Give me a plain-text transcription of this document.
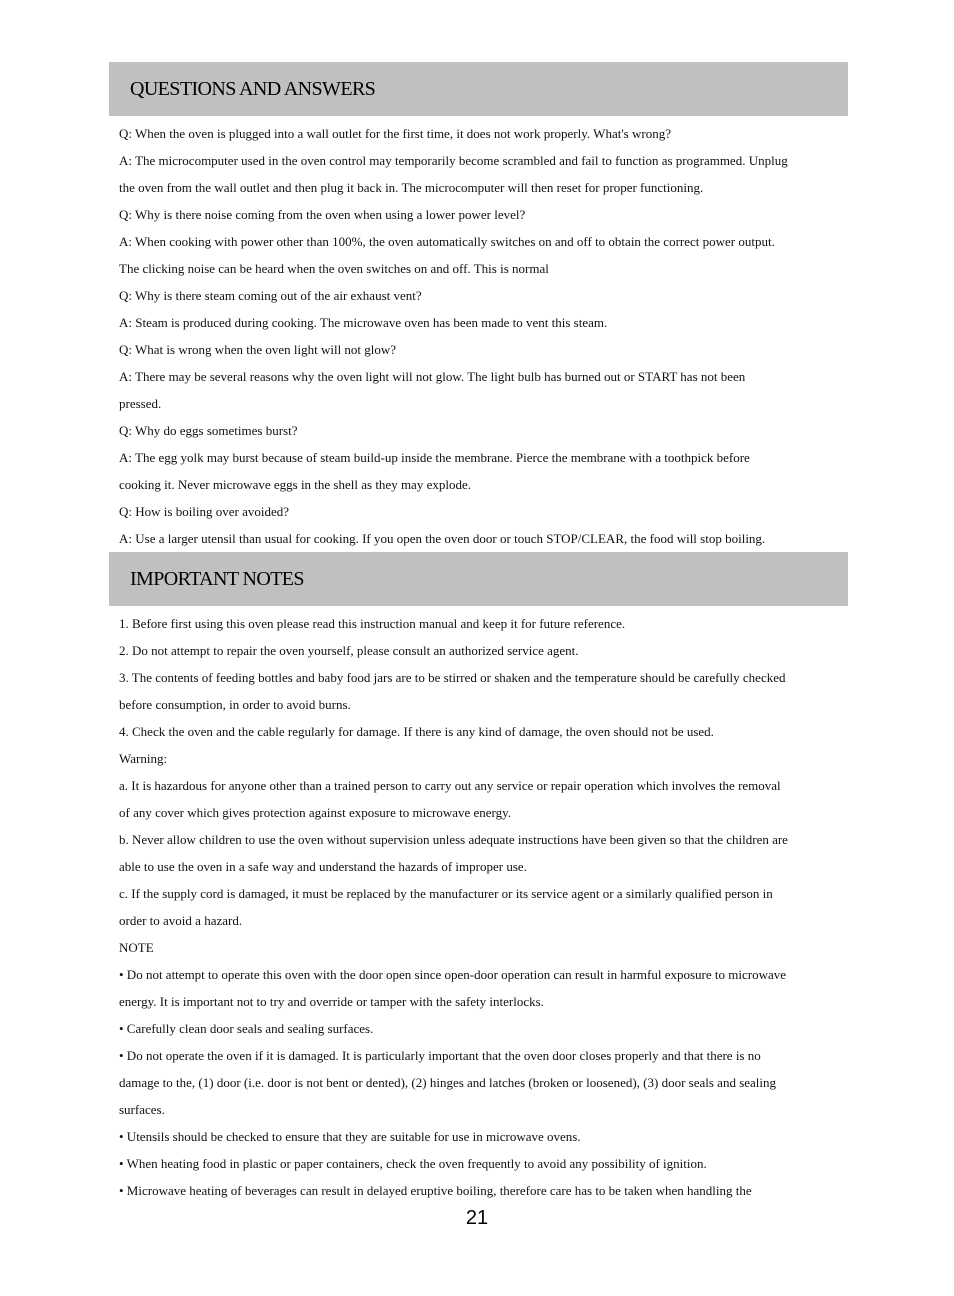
QUESTIONS AND ANSWERS

Q: When the oven is plugged into a wall outlet for the first time, it does not work properly. What's wrong?

A: The microcomputer used in the oven control may temporarily become scrambled and fail to function as programmed. Unplug

the oven from the wall outlet and then plug it back in. The microcomputer will then reset for proper functioning.

Q: Why is there noise coming from the oven when using a lower power level?

A: When cooking with power other than 100%, the oven automatically switches on and off to obtain the correct power output.

The clicking noise can be heard when the oven switches on and off. This is normal

Q: Why is there steam coming out of the air exhaust vent?

A: Steam is produced during cooking. The microwave oven has been made to vent this steam.

Q: What is wrong when the oven light will not glow?

A: There may be several reasons why the oven light will not glow. The light bulb has burned out or START has not been

pressed.

Q: Why do eggs sometimes burst?

A: The egg yolk may burst because of steam build-up inside the membrane. Pierce the membrane with a toothpick before

cooking it. Never microwave eggs in the shell as they may explode.

Q: How is boiling over avoided?

A: Use a larger utensil than usual for cooking. If you open the oven door or touch STOP/CLEAR, the food will stop boiling.

IMPORTANT NOTES

1. Before first using this oven please read this instruction manual and keep it for future reference.

2. Do not attempt to repair the oven yourself, please consult an authorized service agent.

3. The contents of feeding bottles and baby food jars are to be stirred or shaken and the temperature should be carefully checked

before consumption, in order to avoid burns.

4. Check the oven and the cable regularly for damage. If there is any kind of damage, the oven should not be used.

Warning:

a. It is hazardous for anyone other than a trained person to carry out any service or repair operation which involves the removal

of any cover which gives protection against exposure to microwave energy.

b. Never allow children to use the oven without supervision unless adequate instructions have been given so that the children are

able to use the oven in a safe way and understand the hazards of improper use.

c. If the supply cord is damaged, it must be replaced by the manufacturer or its service agent or a similarly qualified person in

order to avoid a hazard.

NOTE

• Do not attempt to operate this oven with the door open since open-door operation can result in harmful exposure to microwave

energy. It is important not to try and override or tamper with the safety interlocks.

• Carefully clean door seals and sealing surfaces.

• Do not operate the oven if it is damaged. It is particularly important that the oven door closes properly and that there is no

damage to the, (1) door (i.e. door is not bent or dented), (2) hinges and latches (broken or loosened), (3) door seals and sealing

surfaces.

• Utensils should be checked to ensure that they are suitable for use in microwave ovens.

• When heating food in plastic or paper containers, check the oven frequently to avoid any possibility of ignition.

• Microwave heating of beverages can result in delayed eruptive boiling, therefore care has to be taken when handling the

21
